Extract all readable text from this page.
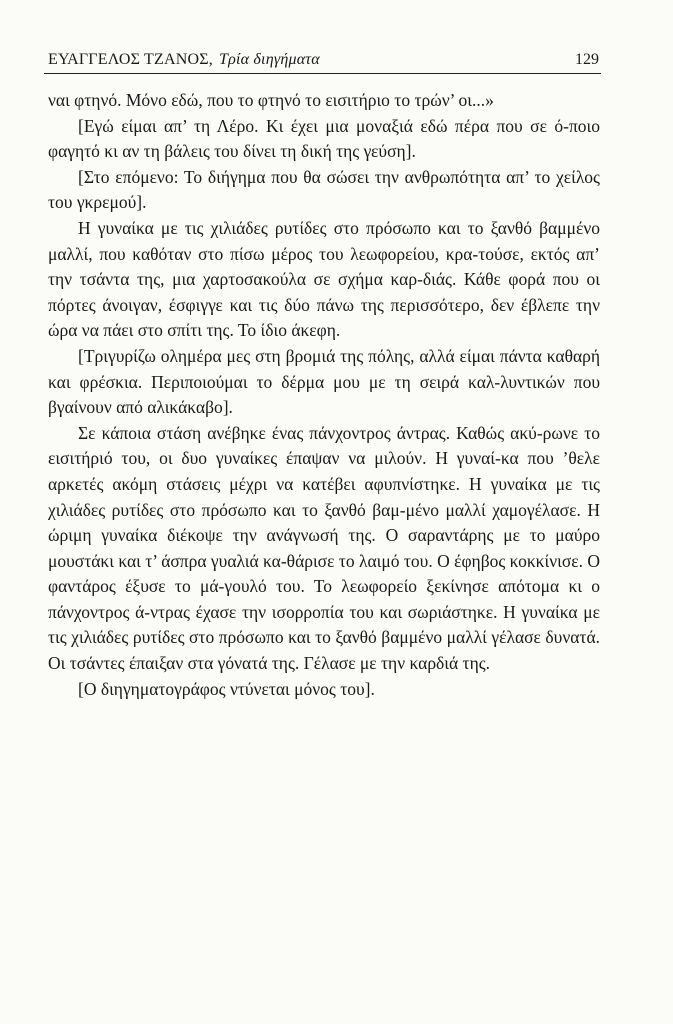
ΕΥΑΓΓΕΛΟΣ ΤΖΑΝΟΣ, Τρία διηγήματα	129

ναι φτηνό. Μόνο εδώ, που το φτηνό το εισιτήριο το τρών’ οι...»

[Εγώ είμαι απ’ τη Λέρο. Κι έχει μια μοναξιά εδώ πέρα που σε ό-ποιο φαγητό κι αν τη βάλεις του δίνει τη δική της γεύση].

[Στο επόμενο: Το διήγημα που θα σώσει την ανθρωπότητα απ’ το χείλος του γκρεμού].

Η γυναίκα με τις χιλιάδες ρυτίδες στο πρόσωπο και το ξανθό βαμμένο μαλλί, που καθόταν στο πίσω μέρος του λεωφορείου, κρα-τούσε, εκτός απ’ την τσάντα της, μια χαρτοσακούλα σε σχήμα καρ-διάς. Κάθε φορά που οι πόρτες άνοιγαν, έσφιγγε και τις δύο πάνω της περισσότερο, δεν έβλεπε την ώρα να πάει στο σπίτι της. Το ίδιο άκεφη.

[Τριγυρίζω ολημέρα μες στη βρομιά της πόλης, αλλά είμαι πάντα καθαρή και φρέσκια. Περιποιούμαι το δέρμα μου με τη σειρά καλ-λυντικών που βγαίνουν από αλικάκαβο].

Σε κάποια στάση ανέβηκε ένας πάνχοντρος άντρας. Καθώς ακύ-ρωνε το εισιτήριό του, οι δυο γυναίκες έπαψαν να μιλούν. Η γυναί-κα που ’θελε αρκετές ακόμη στάσεις μέχρι να κατέβει αφυπνίστηκε. Η γυναίκα με τις χιλιάδες ρυτίδες στο πρόσωπο και το ξανθό βαμ-μένο μαλλί χαμογέλασε. Η ώριμη γυναίκα διέκοψε την ανάγνωσή της. Ο σαραντάρης με το μαύρο μουστάκι και τ’ άσπρα γυαλιά κα-θάρισε το λαιμό του. Ο έφηβος κοκκίνισε. Ο φαντάρος έξυσε το μά-γουλό του. Το λεωφορείο ξεκίνησε απότομα κι ο πάνχοντρος ά-ντρας έχασε την ισορροπία του και σωριάστηκε. Η γυναίκα με τις χιλιάδες ρυτίδες στο πρόσωπο και το ξανθό βαμμένο μαλλί γέλασε δυνατά. Οι τσάντες έπαιξαν στα γόνατά της. Γέλασε με την καρδιά της.

[Ο διηγηματογράφος ντύνεται μόνος του].
